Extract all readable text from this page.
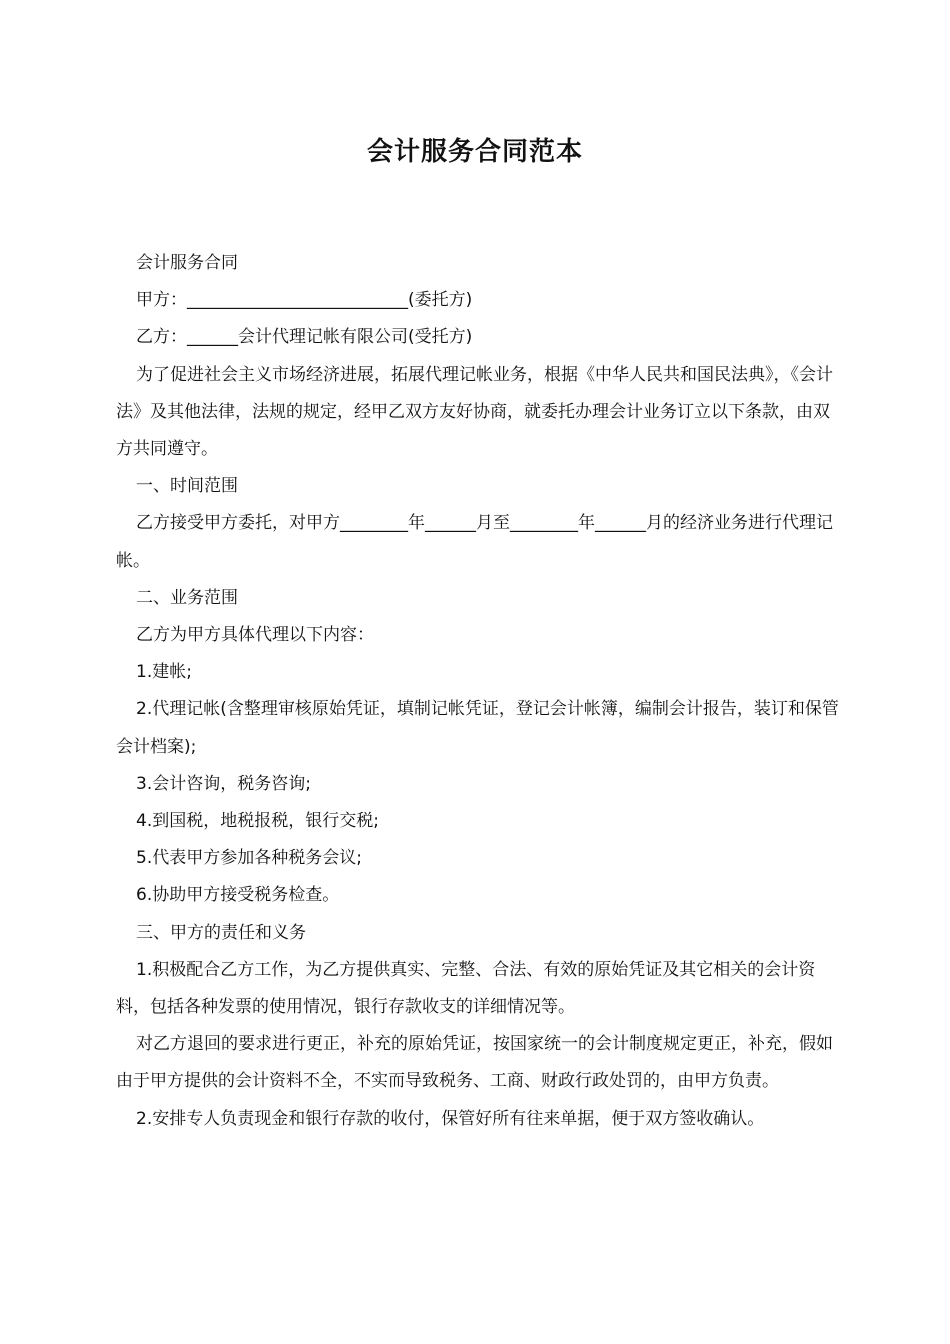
会计服务合同范本

会计服务合同

甲方：__________________________(委托方)

乙方：______会计代理记帐有限公司(受托方)

为了促进社会主义市场经济进展，拓展代理记帐业务，根据《中华人民共和国民法典》，《会计法》及其他法律，法规的规定，经甲乙双方友好协商，就委托办理会计业务订立以下条款，由双方共同遵守。

一、时间范围

乙方接受甲方委托，对甲方________年______月至________年______月的经济业务进行代理记帐。

二、业务范围

乙方为甲方具体代理以下内容：

1.建帐;

2.代理记帐(含整理审核原始凭证，填制记帐凭证，登记会计帐簿，编制会计报告，装订和保管会计档案);

3.会计咨询，税务咨询;

4.到国税，地税报税，银行交税;

5.代表甲方参加各种税务会议;

6.协助甲方接受税务检查。

三、甲方的责任和义务

1.积极配合乙方工作，为乙方提供真实、完整、合法、有效的原始凭证及其它相关的会计资料，包括各种发票的使用情况，银行存款收支的详细情况等。

对乙方退回的要求进行更正，补充的原始凭证，按国家统一的会计制度规定更正，补充，假如由于甲方提供的会计资料不全，不实而导致税务、工商、财政行政处罚的，由甲方负责。

2.安排专人负责现金和银行存款的收付，保管好所有往来单据，便于双方签收确认。
